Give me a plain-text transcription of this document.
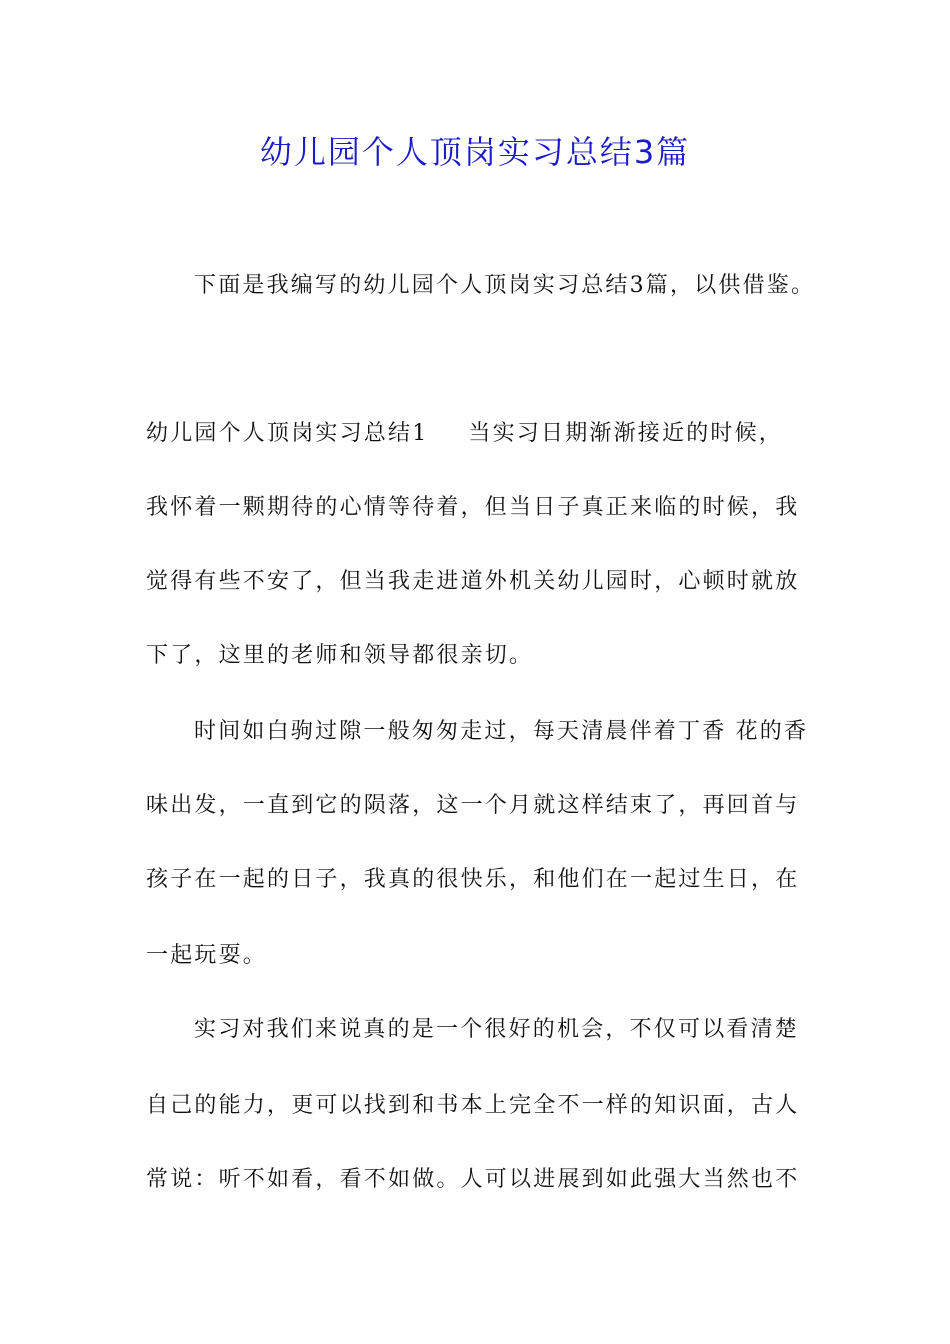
幼儿园个人顶岗实习总结3篇

下面是我编写的幼儿园个人顶岗实习总结3篇，以供借鉴。

幼儿园个人顶岗实习总结1 当实习日期渐渐接近的时候，

我怀着一颗期待的心情等待着，但当日子真正来临的时候，我

觉得有些不安了，但当我走进道外机关幼儿园时，心顿时就放

下了，这里的老师和领导都很亲切。

时间如白驹过隙一般匆匆走过，每天清晨伴着丁香 花的香

味出发，一直到它的陨落，这一个月就这样结束了，再回首与

孩子在一起的日子，我真的很快乐，和他们在一起过生日，在

一起玩耍。

实习对我们来说真的是一个很好的机会，不仅可以看清楚

自己的能力，更可以找到和书本上完全不一样的知识面，古人

常说：听不如看，看不如做。人可以进展到如此强大当然也不
